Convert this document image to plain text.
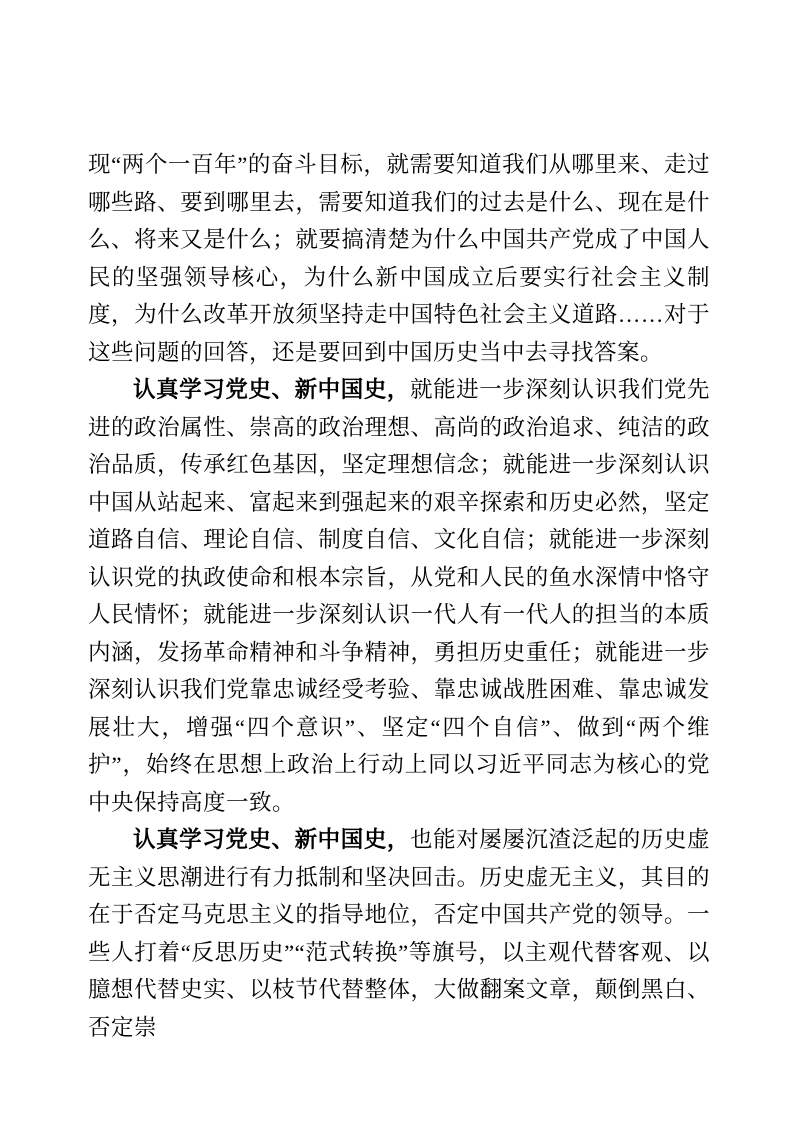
现“两个一百年”的奋斗目标，就需要知道我们从哪里来、走过哪些路、要到哪里去，需要知道我们的过去是什么、现在是什么、将来又是什么；就要搞清楚为什么中国共产党成了中国人民的坚强领导核心，为什么新中国成立后要实行社会主义制度，为什么改革开放须坚持走中国特色社会主义道路……对于这些问题的回答，还是要回到中国历史当中去寻找答案。

认真学习党史、新中国史，就能进一步深刻认识我们党先进的政治属性、崇高的政治理想、高尚的政治追求、纯洁的政治品质，传承红色基因，坚定理想信念；就能进一步深刻认识中国从站起来、富起来到强起来的艰辛探索和历史必然，坚定道路自信、理论自信、制度自信、文化自信；就能进一步深刻认识党的执政使命和根本宗旨，从党和人民的鱼水深情中恪守人民情怀；就能进一步深刻认识一代人有一代人的担当的本质内涵，发扬革命精神和斗争精神，勇担历史重任；就能进一步深刻认识我们党靠忠诚经受考验、靠忠诚战胜困难、靠忠诚发展壮大，增强“四个意识”、坚定“四个自信”、做到“两个维护”，始终在思想上政治上行动上同以习近平同志为核心的党中央保持高度一致。

认真学习党史、新中国史，也能对屡屡沉渣泛起的历史虚无主义思潮进行有力抵制和坚决回击。历史虚无主义，其目的在于否定马克思主义的指导地位，否定中国共产党的领导。一些人打着“反思历史”“范式转换”等旗号，以主观代替客观、以臆想代替史实、以枝节代替整体，大做翻案文章，颠倒黑白、否定崇
